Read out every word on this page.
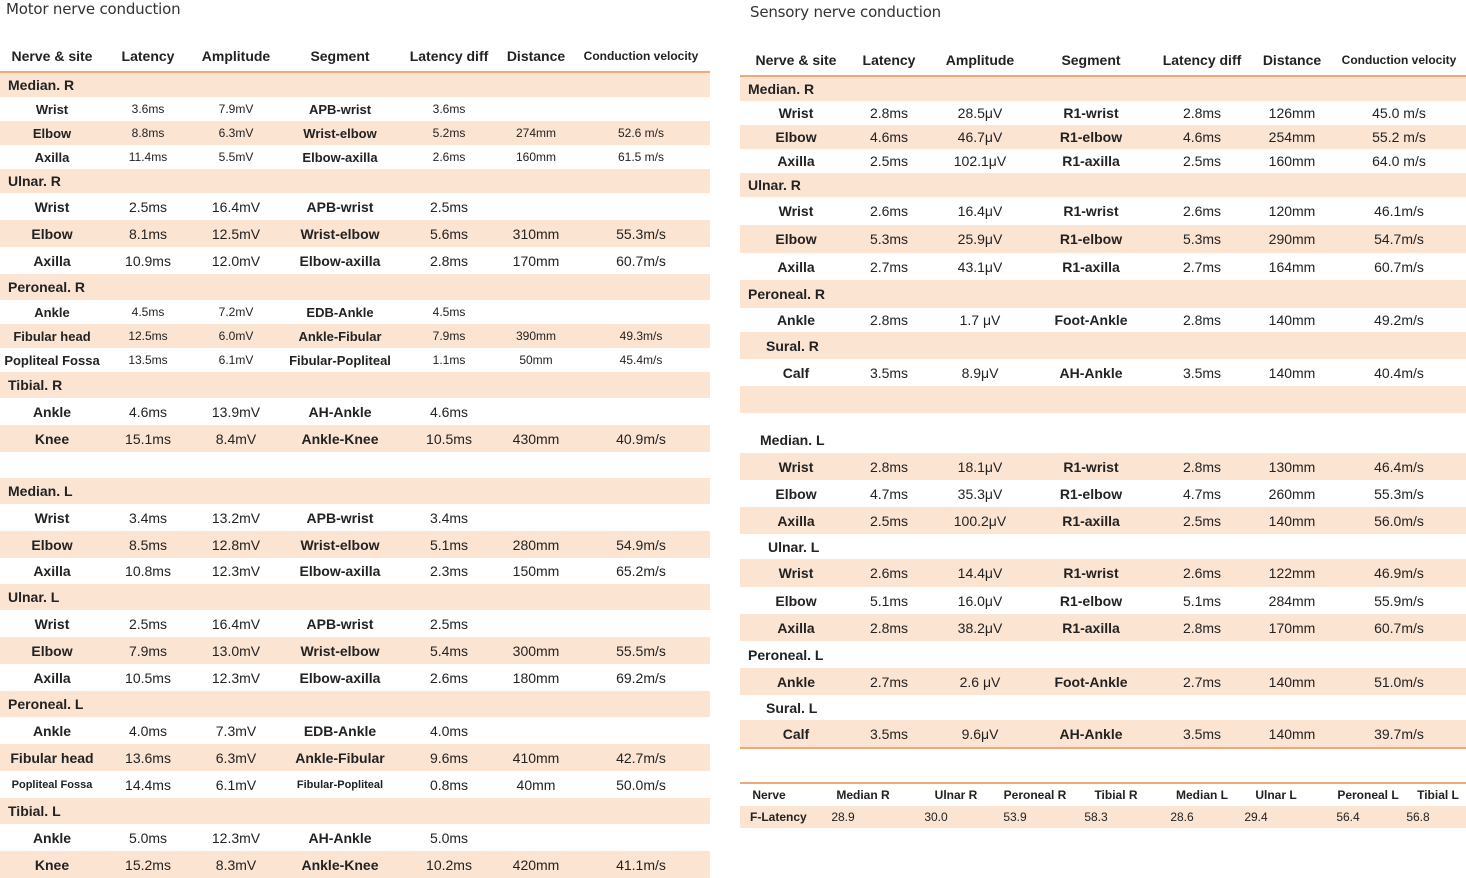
Motor nerve conduction	Sensory nerve conduction
Nerve & site	Latency	Amplitude	Segment	Latency diff	Distance	Conduction velocity
Median. R
Wrist	3.6ms	7.9mV	APB-wrist	3.6ms
Elbow	8.8ms	6.3mV	Wrist-elbow	5.2ms	274mm	52.6 m/s
Axilla	11.4ms	5.5mV	Elbow-axilla	2.6ms	160mm	61.5 m/s
Ulnar. R
Wrist	2.5ms	16.4mV	APB-wrist	2.5ms
Elbow	8.1ms	12.5mV	Wrist-elbow	5.6ms	310mm	55.3m/s
Axilla	10.9ms	12.0mV	Elbow-axilla	2.8ms	170mm	60.7m/s
Peroneal. R
Ankle	4.5ms	7.2mV	EDB-Ankle	4.5ms
Fibular head	12.5ms	6.0mV	Ankle-Fibular	7.9ms	390mm	49.3m/s
Popliteal Fossa	13.5ms	6.1mV	Fibular-Popliteal	1.1ms	50mm	45.4m/s
Tibial. R
Ankle	4.6ms	13.9mV	AH-Ankle	4.6ms
Knee	15.1ms	8.4mV	Ankle-Knee	10.5ms	430mm	40.9m/s
Median. L
Wrist	3.4ms	13.2mV	APB-wrist	3.4ms
Elbow	8.5ms	12.8mV	Wrist-elbow	5.1ms	280mm	54.9m/s
Axilla	10.8ms	12.3mV	Elbow-axilla	2.3ms	150mm	65.2m/s
Ulnar. L
Wrist	2.5ms	16.4mV	APB-wrist	2.5ms
Elbow	7.9ms	13.0mV	Wrist-elbow	5.4ms	300mm	55.5m/s
Axilla	10.5ms	12.3mV	Elbow-axilla	2.6ms	180mm	69.2m/s
Peroneal. L
Ankle	4.0ms	7.3mV	EDB-Ankle	4.0ms
Fibular head	13.6ms	6.3mV	Ankle-Fibular	9.6ms	410mm	42.7m/s
Popliteal Fossa	14.4ms	6.1mV	Fibular-Popliteal	0.8ms	40mm	50.0m/s
Tibial. L
Ankle	5.0ms	12.3mV	AH-Ankle	5.0ms
Knee	15.2ms	8.3mV	Ankle-Knee	10.2ms	420mm	41.1m/s
Nerve & site	Latency	Amplitude	Segment	Latency diff	Distance	Conduction velocity
Median. R
Wrist	2.8ms	28.5μV	R1-wrist	2.8ms	126mm	45.0 m/s
Elbow	4.6ms	46.7μV	R1-elbow	4.6ms	254mm	55.2 m/s
Axilla	2.5ms	102.1μV	R1-axilla	2.5ms	160mm	64.0 m/s
Ulnar. R
Wrist	2.6ms	16.4μV	R1-wrist	2.6ms	120mm	46.1m/s
Elbow	5.3ms	25.9μV	R1-elbow	5.3ms	290mm	54.7m/s
Axilla	2.7ms	43.1μV	R1-axilla	2.7ms	164mm	60.7m/s
Peroneal. R
Ankle	2.8ms	1.7 μV	Foot-Ankle	2.8ms	140mm	49.2m/s
Sural. R
Calf	3.5ms	8.9μV	AH-Ankle	3.5ms	140mm	40.4m/s
Median. L
Wrist	2.8ms	18.1μV	R1-wrist	2.8ms	130mm	46.4m/s
Elbow	4.7ms	35.3μV	R1-elbow	4.7ms	260mm	55.3m/s
Axilla	2.5ms	100.2μV	R1-axilla	2.5ms	140mm	56.0m/s
Ulnar. L
Wrist	2.6ms	14.4μV	R1-wrist	2.6ms	122mm	46.9m/s
Elbow	5.1ms	16.0μV	R1-elbow	5.1ms	284mm	55.9m/s
Axilla	2.8ms	38.2μV	R1-axilla	2.8ms	170mm	60.7m/s
Peroneal. L
Ankle	2.7ms	2.6 μV	Foot-Ankle	2.7ms	140mm	51.0m/s
Sural. L
Calf	3.5ms	9.6μV	AH-Ankle	3.5ms	140mm	39.7m/s
Nerve	Median R	Ulnar R	Peroneal R	Tibial R	Median L	Ulnar L	Peroneal L	Tibial L
F-Latency	28.9	30.0	53.9	58.3	28.6	29.4	56.4	56.8
